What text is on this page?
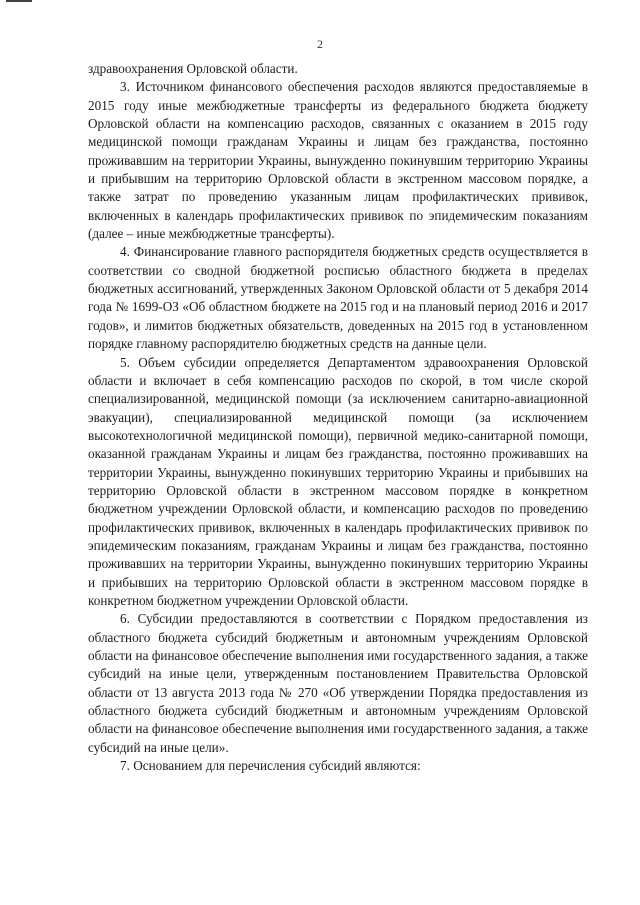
2

здравоохранения Орловской области.

3. Источником финансового обеспечения расходов являются предоставляемые в 2015 году иные межбюджетные трансферты из федерального бюджета бюджету Орловской области на компенсацию расходов, связанных с оказанием в 2015 году медицинской помощи гражданам Украины и лицам без гражданства, постоянно проживавшим на территории Украины, вынужденно покинувшим территорию Украины и прибывшим на территорию Орловской области в экстренном массовом порядке, а также затрат по проведению указанным лицам профилактических прививок, включенных в календарь профилактических прививок по эпидемическим показаниям (далее – иные межбюджетные трансферты).

4. Финансирование главного распорядителя бюджетных средств осуществляется в соответствии со сводной бюджетной росписью областного бюджета в пределах бюджетных ассигнований, утвержденных Законом Орловской области от 5 декабря 2014 года № 1699-ОЗ «Об областном бюджете на 2015 год и на плановый период 2016 и 2017 годов», и лимитов бюджетных обязательств, доведенных на 2015 год в установленном порядке главному распорядителю бюджетных средств на данные цели.

5. Объем субсидии определяется Департаментом здравоохранения Орловской области и включает в себя компенсацию расходов по скорой, в том числе скорой специализированной, медицинской помощи (за исключением санитарно-авиационной эвакуации), специализированной медицинской помощи (за исключением высокотехнологичной медицинской помощи), первичной медико-санитарной помощи, оказанной гражданам Украины и лицам без гражданства, постоянно проживавших на территории Украины, вынужденно покинувших территорию Украины и прибывших на территорию Орловской области в экстренном массовом порядке в конкретном бюджетном учреждении Орловской области, и компенсацию расходов по проведению профилактических прививок, включенных в календарь профилактических прививок по эпидемическим показаниям, гражданам Украины и лицам без гражданства, постоянно проживавших на территории Украины, вынужденно покинувших территорию Украины и прибывших на территорию Орловской области в экстренном массовом порядке в конкретном бюджетном учреждении Орловской области.

6. Субсидии предоставляются в соответствии с Порядком предоставления из областного бюджета субсидий бюджетным и автономным учреждениям Орловской области на финансовое обеспечение выполнения ими государственного задания, а также субсидий на иные цели, утвержденным постановлением Правительства Орловской области от 13 августа 2013 года № 270 «Об утверждении Порядка предоставления из областного бюджета субсидий бюджетным и автономным учреждениям Орловской области на финансовое обеспечение выполнения ими государственного задания, а также субсидий на иные цели».

7. Основанием для перечисления субсидий являются:
